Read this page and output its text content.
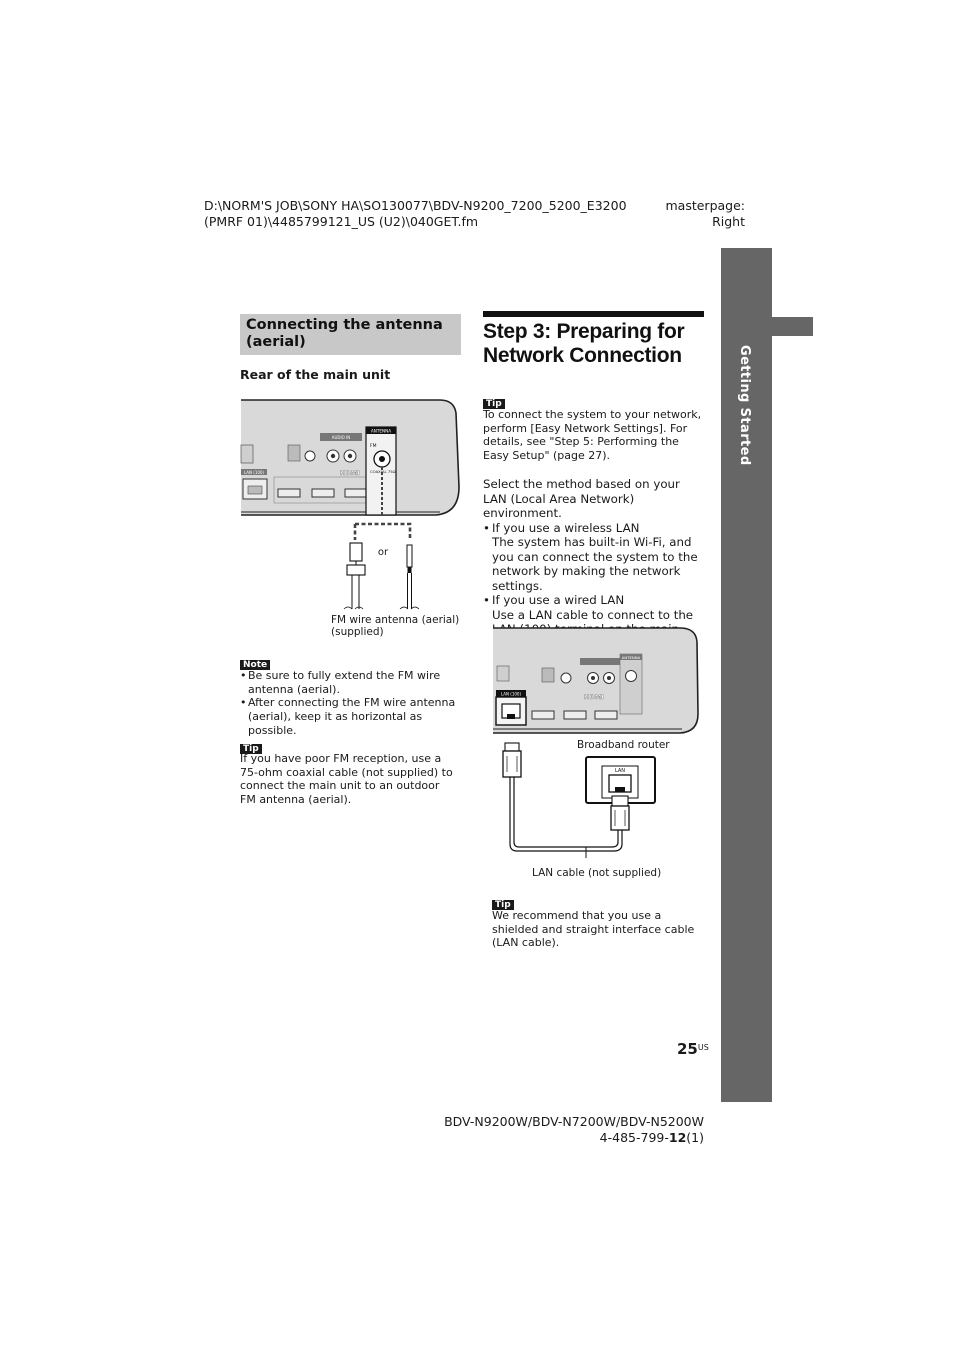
D:\NORM'S JOB\SONY HA\SO130077\BDV-N9200_7200_5200_E3200
(PMRF 01)\4485799121_US (U2)\040GET.fm
masterpage:
Right
Getting Started
Connecting the antenna (aerial)
Rear of the main unit
AUDIO IN
LAN (100)	HDMI
ANTENNA
FM
COAXIAL 75Ω
or
FM wire antenna (aerial)
(supplied)
Note
• Be sure to fully extend the FM wire antenna (aerial).
• After connecting the FM wire antenna (aerial), keep it as horizontal as possible.
Tip
If you have poor FM reception, use a 75-ohm coaxial cable (not supplied) to connect the main unit to an outdoor FM antenna (aerial).
Step 3: Preparing for
Network Connection
Tip
To connect the system to your network, perform [Easy Network Settings]. For details, see "Step 5: Performing the Easy Setup" (page 27).
Select the method based on your LAN (Local Area Network) environment.
• If you use a wireless LAN
The system has built-in Wi-Fi, and you can connect the system to the network by making the network settings.
• If you use a wired LAN
Use a LAN cable to connect to the
ANTENNA
HDMI
LAN (100)
LAN
Broadband router
LAN cable (not supplied)
Tip
We recommend that you use a shielded and straight interface cable (LAN cable).
$25^{US}$
BDV-N9200W/BDV-N7200W/BDV-N5200W
4-485-799-12(1)
